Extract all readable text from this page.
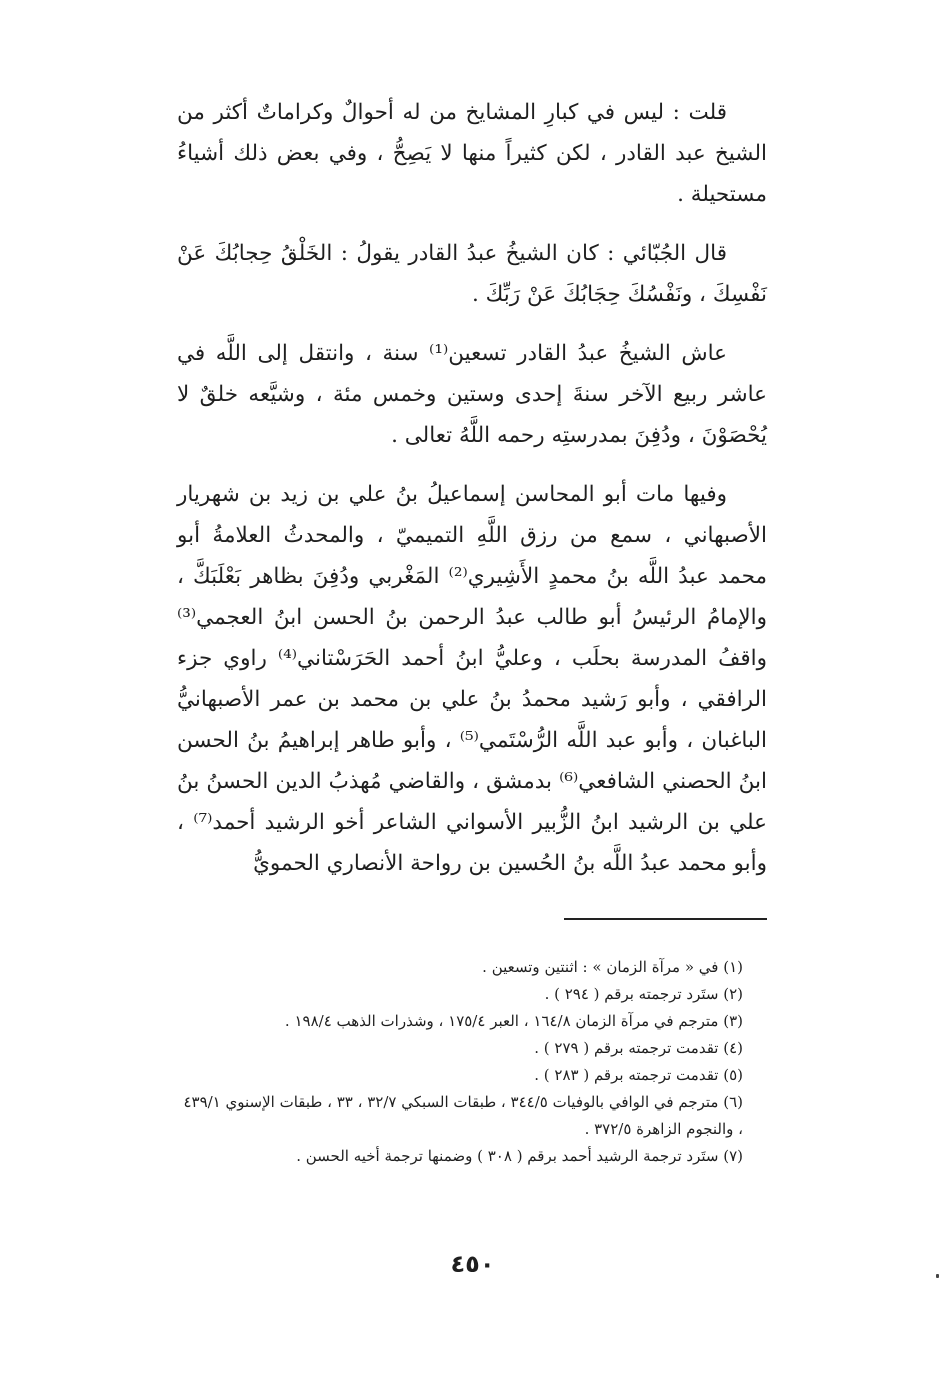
قلت : ليس في كبارِ المشايخ من له أحوالٌ وكراماتٌ أكثر من الشيخ عبد القادر ، لكن كثيراً منها لا يَصِحُّ ، وفي بعض ذلك أشياءُ مستحيلة .

قال الجُبّائي : كان الشيخُ عبدُ القادر يقولُ : الخَلْقُ حِجابُكَ عَنْ نَفْسِكَ ، ونَفْسُكَ حِجَابُكَ عَنْ رَبِّكَ .

عاش الشيخُ عبدُ القادر تسعين⁽¹⁾ سنة ، وانتقل إلى اللَّه في عاشر ربيع الآخر سنةَ إحدى وستين وخمس مئة ، وشيَّعه خلقٌ لا يُحْصَوْنَ ، ودُفِنَ بمدرستِه رحمه اللَّهُ تعالى .

وفيها مات أبو المحاسن إسماعيلُ بنُ علي بن زيد بن شهريار الأصبهاني ، سمع من رزق اللَّهِ التميميّ ، والمحدثُ العلامةُ أبو محمد عبدُ اللَّه بنُ محمدٍ الأَشِيري⁽²⁾ المَغْربي ودُفِنَ بظاهر بَعْلَبَكَّ ، والإمامُ الرئيسُ أبو طالب عبدُ الرحمن بنُ الحسن ابنُ العجمي⁽³⁾ واقفُ المدرسة بحلَب ، وعليُّ ابنُ أحمد الحَرَسْتاني⁽⁴⁾ راوي جزء الرافقي ، وأبو رَشيد محمدُ بنُ علي بن محمد بن عمر الأصبهانيُّ الباغبان ، وأبو عبد اللَّه الرُّسْتَمي⁽⁵⁾ ، وأبو طاهر إبراهيمُ بنُ الحسن ابنُ الحصني الشافعي⁽⁶⁾ بدمشق ، والقاضي مُهذبُ الدين الحسنُ بنُ علي بن الرشيد ابنُ الزُّبير الأسواني الشاعر أخو الرشيد أحمد⁽⁷⁾ ، وأبو محمد عبدُ اللَّه بنُ الحُسين بن رواحة الأنصاري الحمويُّ

(١) في « مرآة الزمان » : اثنتين وتسعين .

(٢) ستَرد ترجمته برقم ( ٢٩٤ ) .

(٣) مترجم في مرآة الزمان ١٦٤/٨ ، العبر ١٧٥/٤ ، وشذرات الذهب ١٩٨/٤ .

(٤) تقدمت ترجمته برقم ( ٢٧٩ ) .

(٥) تقدمت ترجمته برقم ( ٢٨٣ ) .

(٦) مترجم في الوافي بالوفيات ٣٤٤/٥ ، طبقات السبكي ٣٢/٧ ، ٣٣ ، طبقات الإسنوي ٤٣٩/١ ، والنجوم الزاهرة ٣٧٢/٥ .

(٧) ستَرد ترجمة الرشيد أحمد برقم ( ٣٠٨ ) وضمنها ترجمة أخيه الحسن .

٤٥٠
